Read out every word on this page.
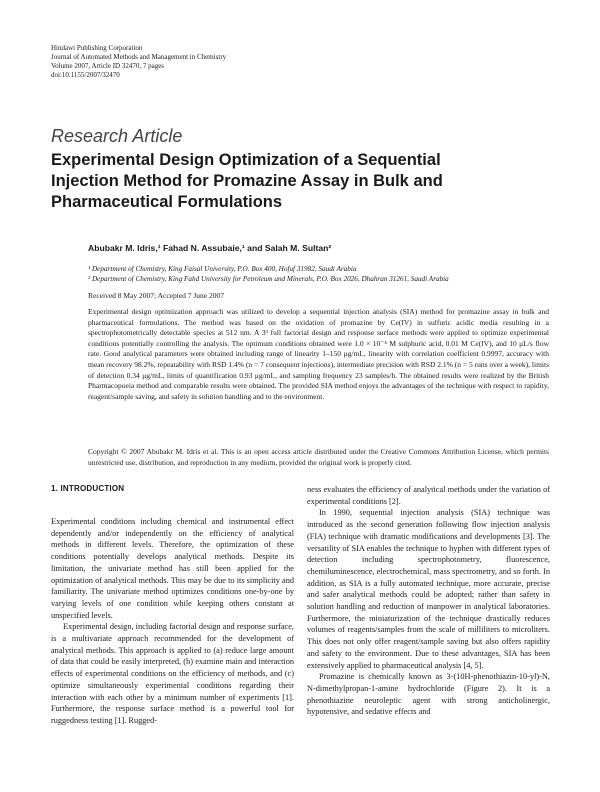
Hindawi Publishing Corporation
Journal of Automated Methods and Management in Chemistry
Volume 2007, Article ID 32470, 7 pages
doi:10.1155/2007/32470
Research Article
Experimental Design Optimization of a Sequential Injection Method for Promazine Assay in Bulk and Pharmaceutical Formulations
Abubakr M. Idris,¹ Fahad N. Assubaie,¹ and Salah M. Sultan²
¹ Department of Chemistry, King Faisal University, P.O. Box 400, Hofuf 31982, Saudi Arabia
² Department of Chemistry, King Fahd University for Petroleum and Minerals, P.O. Box 2026, Dhahran 31261, Saudi Arabia
Received 8 May 2007; Accepted 7 June 2007
Experimental design optimization approach was utilized to develop a sequential injection analysis (SIA) method for promazine assay in bulk and pharmaceutical formulations. The method was based on the oxidation of promazine by Ce(IV) in sulfuric acidic media resulting in a spectrophotometrically detectable species at 512 nm. A 3³ full factorial design and response surface methods were applied to optimize experimental conditions potentially controlling the analysis. The optimum conditions obtained were 1.0 × 10⁻⁴ M sulphuric acid, 0.01 M Ce(IV), and 10 μL/s flow rate. Good analytical parameters were obtained including range of linearity 1–150 μg/mL, linearity with correlation coefficient 0.9997, accuracy with mean recovery 98.2%, repeatability with RSD 1.4% (n = 7 consequent injections), intermediate precision with RSD 2.1% (n = 5 runs over a week), limits of detection 0.34 μg/mL, limits of quantification 0.93 μg/mL, and sampling frequency 23 samples/h. The obtained results were realized by the British Pharmacopoeia method and comparable results were obtained. The provided SIA method enjoys the advantages of the technique with respect to rapidity, reagent/sample saving, and safety in solution handling and to the environment.
Copyright © 2007 Abubakr M. Idris et al. This is an open access article distributed under the Creative Commons Attribution License, which permits unrestricted use, distribution, and reproduction in any medium, provided the original work is properly cited.
1. INTRODUCTION

Experimental conditions including chemical and instrumental effect dependently and/or independently on the efficiency of analytical methods in different levels. Therefore, the optimization of these conditions potentially develops analytical methods. Despite its limitation, the univariate method has still been applied for the optimization of analytical methods. This may be due to its simplicity and familiarity. The univariate method optimizes conditions one-by-one by varying levels of one condition while keeping others constant at unspecified levels.

Experimental design, including factorial design and response surface, is a multivariate approach recommended for the development of analytical methods. This approach is applied to (a) reduce large amount of data that could be easily interpreted, (b) examine main and interaction effects of experimental conditions on the efficiency of methods, and (c) optimize simultaneously experimental conditions regarding their interaction with each other by a minimum number of experiments [1]. Furthermore, the response surface method is a powerful tool for ruggedness testing [1]. Rugged-

ness evaluates the efficiency of analytical methods under the variation of experimental conditions [2].

In 1990, sequential injection analysis (SIA) technique was introduced as the second generation following flow injection analysis (FIA) technique with dramatic modifications and developments [3]. The versatility of SIA enables the technique to hyphen with different types of detection including spectrophotometry, fluorescence, chemiluminescence, electrochemical, mass spectrometry, and so forth. In addition, as SIA is a fully automated technique, more accurate, precise and safer analytical methods could be adopted; rather than safety in solution handling and reduction of manpower in analytical laboratories. Furthermore, the miniaturization of the technique drastically reduces volumes of reagents/samples from the scale of milliliters to microliters. This does not only offer reagent/sample saving but also offers rapidity and safety to the environment. Due to these advantages, SIA has been extensively applied to pharmaceutical analysis [4, 5].

Promazine is chemically known as 3-(10H-phenothiazin-10-yl)-N, N-dimethylpropan-1-amine hydrochloride (Figure 2). It is a phenothiazine neuroleptic agent with strong anticholinergic, hypotensive, and sedative effects and
